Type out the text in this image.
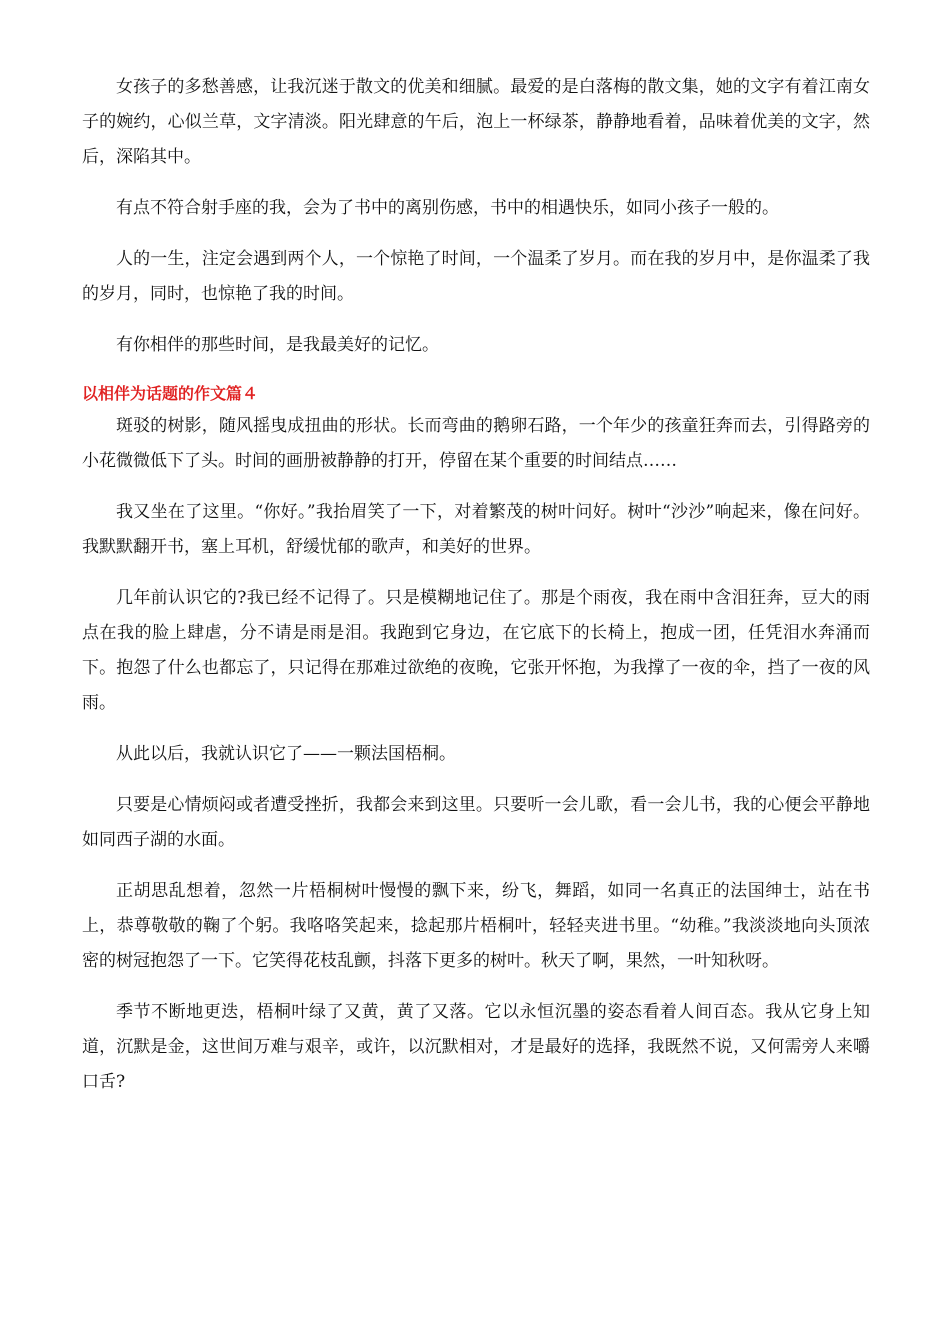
女孩子的多愁善感，让我沉迷于散文的优美和细腻。最爱的是白落梅的散文集，她的文字有着江南女子的婉约，心似兰草，文字清淡。阳光肆意的午后，泡上一杯绿茶，静静地看着，品味着优美的文字，然后，深陷其中。

有点不符合射手座的我，会为了书中的离别伤感，书中的相遇快乐，如同小孩子一般的。

人的一生，注定会遇到两个人，一个惊艳了时间，一个温柔了岁月。而在我的岁月中，是你温柔了我的岁月，同时，也惊艳了我的时间。

有你相伴的那些时间，是我最美好的记忆。

以相伴为话题的作文篇４

斑驳的树影，随风摇曳成扭曲的形状。长而弯曲的鹅卵石路，一个年少的孩童狂奔而去，引得路旁的小花微微低下了头。时间的画册被静静的打开，停留在某个重要的时间结点……

我又坐在了这里。“你好。”我抬眉笑了一下，对着繁茂的树叶问好。树叶“沙沙”响起来，像在问好。我默默翻开书，塞上耳机，舒缓忧郁的歌声，和美好的世界。

几年前认识它的?我已经不记得了。只是模糊地记住了。那是个雨夜，我在雨中含泪狂奔，豆大的雨点在我的脸上肆虐，分不请是雨是泪。我跑到它身边，在它底下的长椅上，抱成一团，任凭泪水奔涌而下。抱怨了什么也都忘了，只记得在那难过欲绝的夜晚，它张开怀抱，为我撑了一夜的伞，挡了一夜的风雨。

从此以后，我就认识它了——一颗法国梧桐。

只要是心情烦闷或者遭受挫折，我都会来到这里。只要听一会儿歌，看一会儿书，我的心便会平静地如同西子湖的水面。

正胡思乱想着，忽然一片梧桐树叶慢慢的飘下来，纷飞，舞蹈，如同一名真正的法国绅士，站在书上，恭尊敬敬的鞠了个躬。我咯咯笑起来，捻起那片梧桐叶，轻轻夹进书里。“幼稚。”我淡淡地向头顶浓密的树冠抱怨了一下。它笑得花枝乱颤，抖落下更多的树叶。秋天了啊，果然，一叶知秋呀。

季节不断地更迭，梧桐叶绿了又黄，黄了又落。它以永恒沉墨的姿态看着人间百态。我从它身上知道，沉默是金，这世间万难与艰辛，或许，以沉默相对，才是最好的选择，我既然不说，又何需旁人来嚼口舌?
